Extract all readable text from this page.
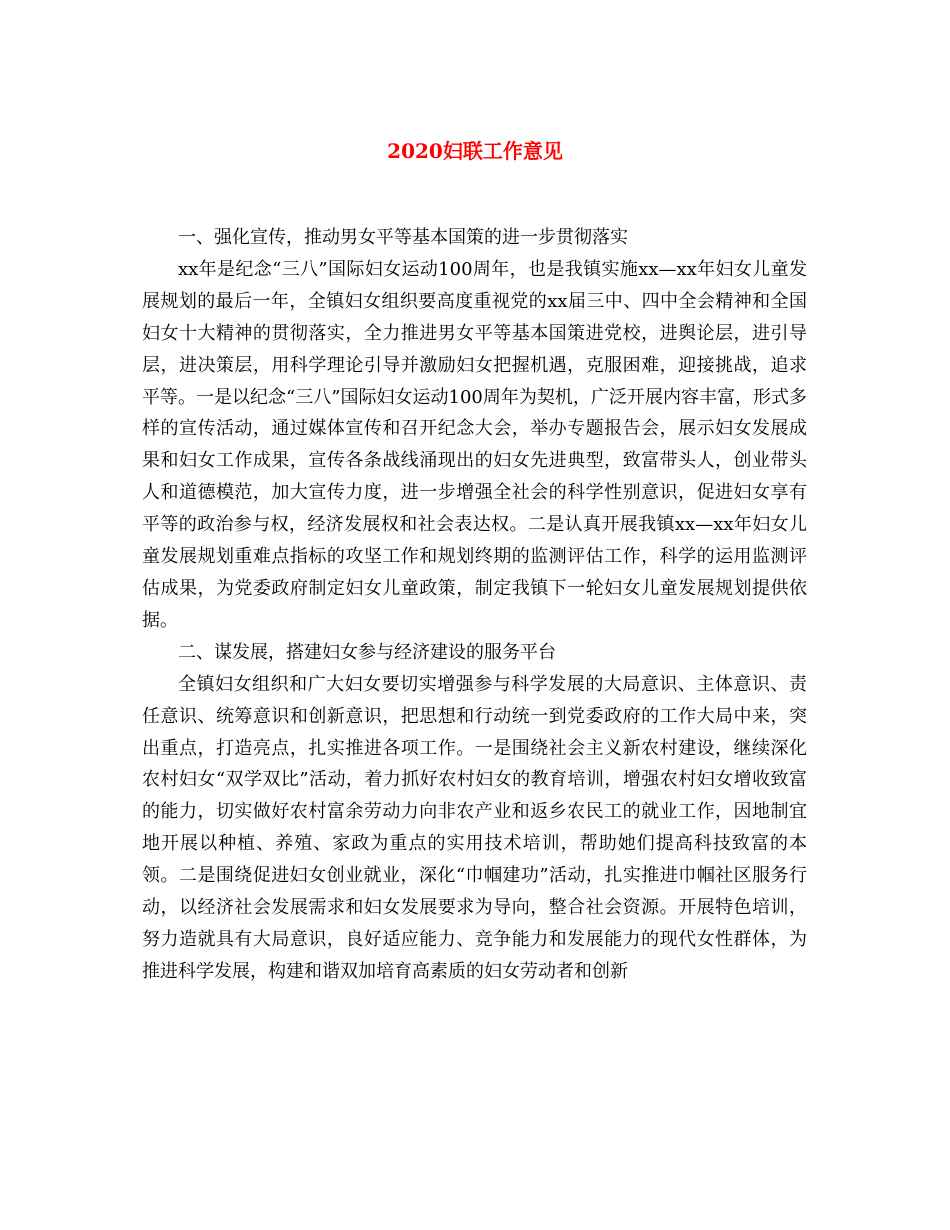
2020妇联工作意见

一、强化宣传，推动男女平等基本国策的进一步贯彻落实

xx年是纪念“三八”国际妇女运动100周年，也是我镇实施xx—xx年妇女儿童发展规划的最后一年，全镇妇女组织要高度重视党的xx届三中、四中全会精神和全国妇女十大精神的贯彻落实，全力推进男女平等基本国策进党校，进舆论层，进引导层，进决策层，用科学理论引导并激励妇女把握机遇，克服困难，迎接挑战，追求平等。一是以纪念“三八”国际妇女运动100周年为契机，广泛开展内容丰富，形式多样的宣传活动，通过媒体宣传和召开纪念大会，举办专题报告会，展示妇女发展成果和妇女工作成果，宣传各条战线涌现出的妇女先进典型，致富带头人，创业带头人和道德模范，加大宣传力度，进一步增强全社会的科学性别意识，促进妇女享有平等的政治参与权，经济发展权和社会表达权。二是认真开展我镇xx—xx年妇女儿童发展规划重难点指标的攻坚工作和规划终期的监测评估工作，科学的运用监测评估成果，为党委政府制定妇女儿童政策，制定我镇下一轮妇女儿童发展规划提供依据。

二、谋发展，搭建妇女参与经济建设的服务平台

全镇妇女组织和广大妇女要切实增强参与科学发展的大局意识、主体意识、责任意识、统筹意识和创新意识，把思想和行动统一到党委政府的工作大局中来，突出重点，打造亮点，扎实推进各项工作。一是围绕社会主义新农村建设，继续深化农村妇女“双学双比”活动，着力抓好农村妇女的教育培训，增强农村妇女增收致富的能力，切实做好农村富余劳动力向非农产业和返乡农民工的就业工作，因地制宜地开展以种植、养殖、家政为重点的实用技术培训，帮助她们提高科技致富的本领。二是围绕促进妇女创业就业，深化“巾帼建功”活动，扎实推进巾帼社区服务行动，以经济社会发展需求和妇女发展要求为导向，整合社会资源。开展特色培训，努力造就具有大局意识，良好适应能力、竞争能力和发展能力的现代女性群体，为推进科学发展，构建和谐双加培育高素质的妇女劳动者和创新
